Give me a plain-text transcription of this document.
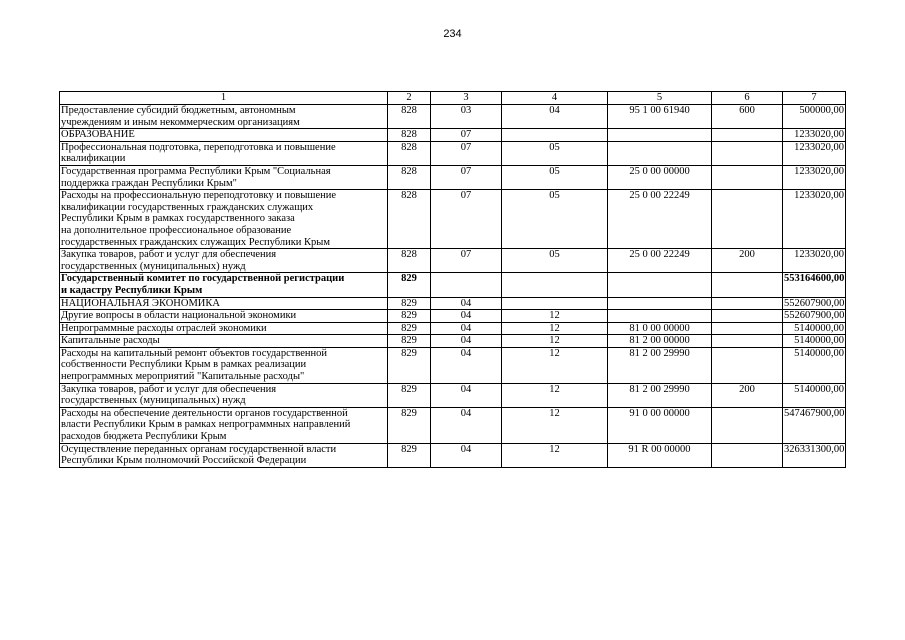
234
1	2	3	4	5	6	7

Предоставление субсидий бюджетным, автономным
учреждениям и иным некоммерческим организациям	828	03	04	95 1 00 61940	600	500000,00

ОБРАЗОВАНИЕ	828	07				1233020,00

Профессиональная подготовка, переподготовка и повышение
квалификации	828	07	05			1233020,00

Государственная программа Республики Крым "Социальная
поддержка граждан Республики Крым"	828	07	05	25 0 00 00000		1233020,00

Расходы на профессиональную переподготовку и повышение
квалификации государственных гражданских служащих
Республики Крым в рамках государственного заказа
на дополнительное профессиональное образование
государственных гражданских служащих Республики Крым	828	07	05	25 0 00 22249		1233020,00

Закупка товаров, работ и услуг для обеспечения
государственных (муниципальных) нужд	828	07	05	25 0 00 22249	200	1233020,00

Государственный комитет по государственной регистрации
и кадастру Республики Крым	829					553164600,00

НАЦИОНАЛЬНАЯ ЭКОНОМИКА	829	04				552607900,00

Другие вопросы в области национальной экономики	829	04	12			552607900,00

Непрограммные расходы отраслей экономики	829	04	12	81 0 00 00000		5140000,00

Капитальные расходы	829	04	12	81 2 00 00000		5140000,00

Расходы на капитальный ремонт объектов государственной
собственности Республики Крым в рамках реализации
непрограммных мероприятий "Капитальные расходы"	829	04	12	81 2 00 29990		5140000,00

Закупка товаров, работ и услуг для обеспечения
государственных (муниципальных) нужд	829	04	12	81 2 00 29990	200	5140000,00

Расходы на обеспечение деятельности органов государственной
власти Республики Крым в рамках непрограммных направлений
расходов бюджета Республики Крым	829	04	12	91 0 00 00000		547467900,00

Осуществление переданных органам государственной власти
Республики Крым полномочий Российской Федерации	829	04	12	91 R 00 00000		326331300,00
